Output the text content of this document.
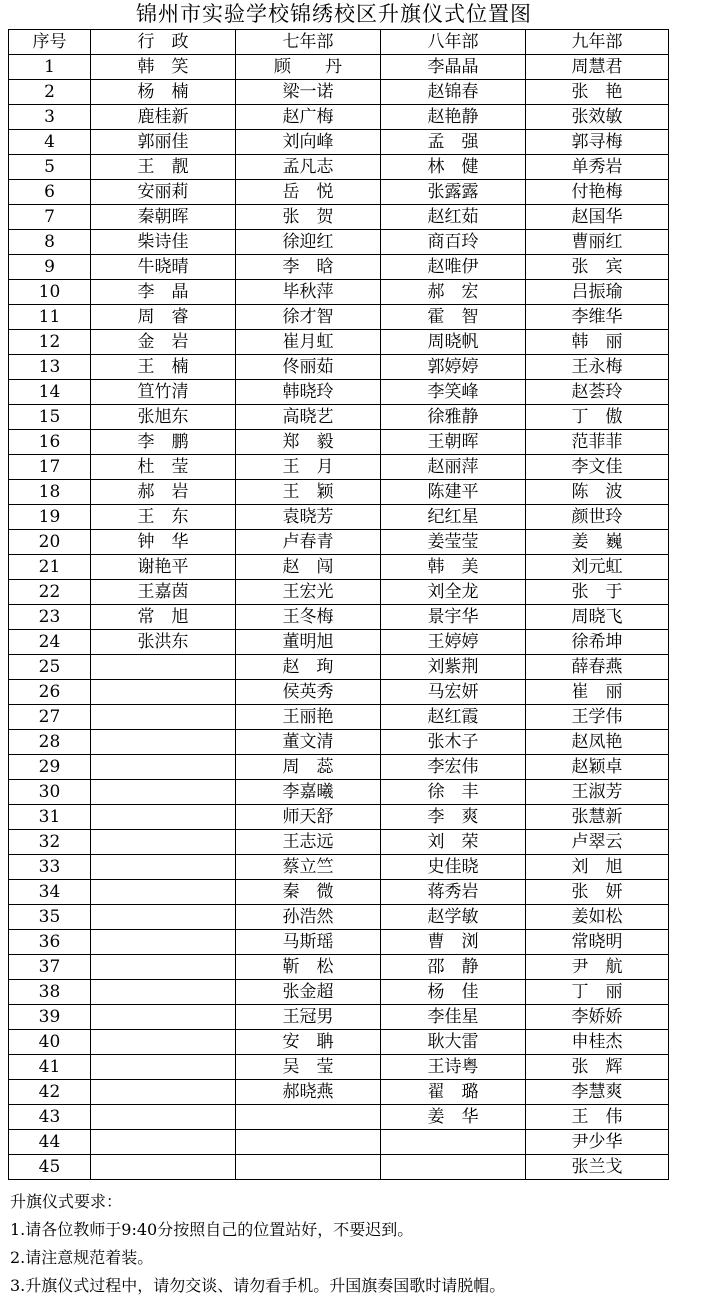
锦州市实验学校锦绣校区升旗仪式位置图
序号	行　政	七年部	八年部	九年部
1	韩　笑	顾　　丹	李晶晶	周慧君
2	杨　楠	梁一诺	赵锦春	张　艳
3	鹿桂新	赵广梅	赵艳静	张效敏
4	郭丽佳	刘向峰	孟　强	郭寻梅
5	王　靓	孟凡志	林　健	单秀岩
6	安丽莉	岳　悦	张露露	付艳梅
7	秦朝晖	张　贺	赵红茹	赵国华
8	柴诗佳	徐迎红	商百玲	曹丽红
9	牛晓晴	李　晗	赵唯伊	张　宾
10	李　晶	毕秋萍	郝　宏	吕振瑜
11	周　睿	徐才智	霍　智	李维华
12	金　岩	崔月虹	周晓帆	韩　丽
13	王　楠	佟丽茹	郭婷婷	王永梅
14	笪竹清	韩晓玲	李笑峰	赵荟玲
15	张旭东	高晓艺	徐雅静	丁　傲
16	李　鹏	郑　毅	王朝晖	范菲菲
17	杜　莹	王　月	赵丽萍	李文佳
18	郝　岩	王　颖	陈建平	陈　波
19	王　东	袁晓芳	纪红星	颜世玲
20	钟　华	卢春青	姜莹莹	姜　巍
21	谢艳平	赵　闯	韩　美	刘元虹
22	王嘉茵	王宏光	刘全龙	张　于
23	常　旭	王冬梅	景宇华	周晓飞
24	张洪东	董明旭	王婷婷	徐希坤
25		赵　珣	刘紫荆	薛春燕
26		侯英秀	马宏妍	崔　丽
27		王丽艳	赵红霞	王学伟
28		董文清	张木子	赵凤艳
29		周　蕊	李宏伟	赵颖卓
30		李嘉曦	徐　丰	王淑芳
31		师天舒	李　爽	张慧新
32		王志远	刘　荣	卢翠云
33		蔡立竺	史佳晓	刘　旭
34		秦　微	蒋秀岩	张　妍
35		孙浩然	赵学敏	姜如松
36		马斯瑶	曹　浏	常晓明
37		靳　松	邵　静	尹　航
38		张金超	杨　佳	丁　丽
39		王冠男	李佳星	李娇娇
40		安　聃	耿大雷	申桂杰
41		吴　莹	王诗粤	张　辉
42		郝晓燕	翟　璐	李慧爽
43			姜　华	王　伟
44				尹少华
45				张兰戈
升旗仪式要求：
1.请各位教师于9:40分按照自己的位置站好，不要迟到。
2.请注意规范着装。
3.升旗仪式过程中，请勿交谈、请勿看手机。升国旗奏国歌时请脱帽。
